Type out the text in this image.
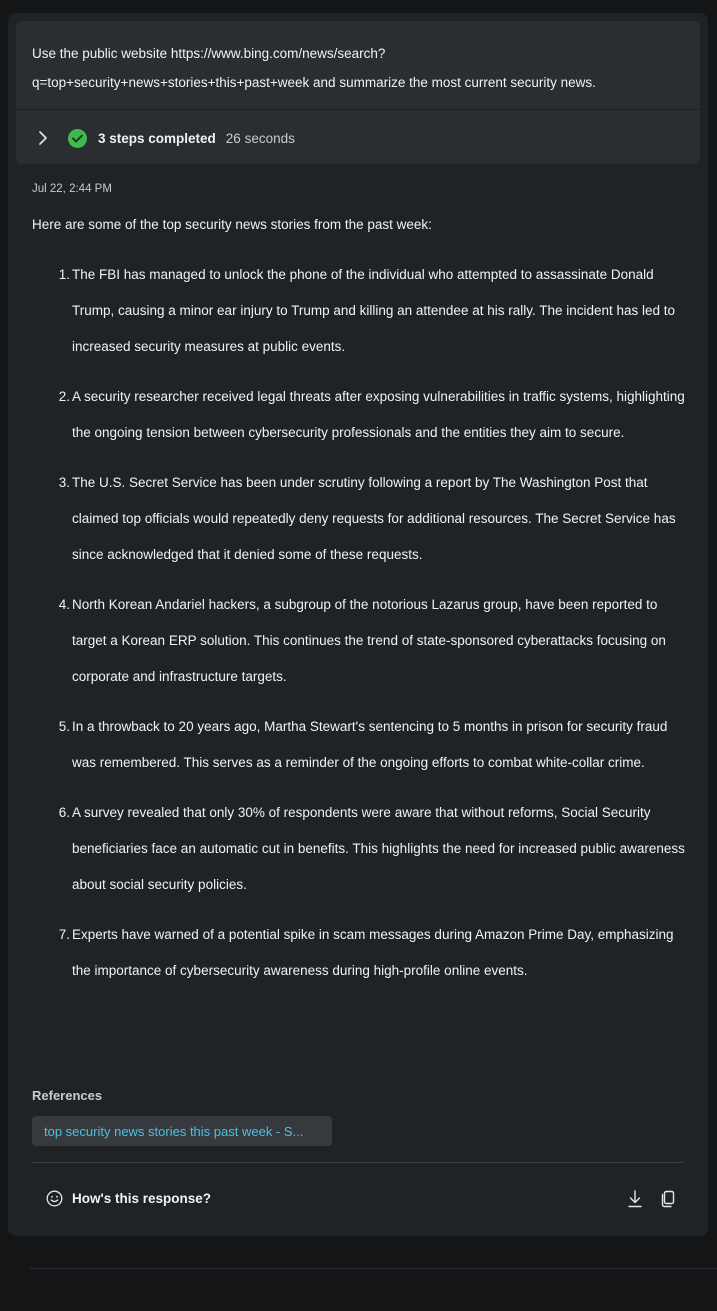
Use the public website https://www.bing.com/news/search?
q=top+security+news+stories+this+past+week and summarize the most current security news.
3 steps completed 26 seconds
Jul 22, 2:44 PM
Here are some of the top security news stories from the past week:
1. The FBI has managed to unlock the phone of the individual who attempted to assassinate Donald Trump, causing a minor ear injury to Trump and killing an attendee at his rally. The incident has led to increased security measures at public events.
2. A security researcher received legal threats after exposing vulnerabilities in traffic systems, highlighting the ongoing tension between cybersecurity professionals and the entities they aim to secure.
3. The U.S. Secret Service has been under scrutiny following a report by The Washington Post that claimed top officials would repeatedly deny requests for additional resources. The Secret Service has since acknowledged that it denied some of these requests.
4. North Korean Andariel hackers, a subgroup of the notorious Lazarus group, have been reported to target a Korean ERP solution. This continues the trend of state-sponsored cyberattacks focusing on corporate and infrastructure targets.
5. In a throwback to 20 years ago, Martha Stewart's sentencing to 5 months in prison for security fraud was remembered. This serves as a reminder of the ongoing efforts to combat white-collar crime.
6. A survey revealed that only 30% of respondents were aware that without reforms, Social Security beneficiaries face an automatic cut in benefits. This highlights the need for increased public awareness about social security policies.
7. Experts have warned of a potential spike in scam messages during Amazon Prime Day, emphasizing the importance of cybersecurity awareness during high-profile online events.
References
top security news stories this past week - S...
How's this response?
